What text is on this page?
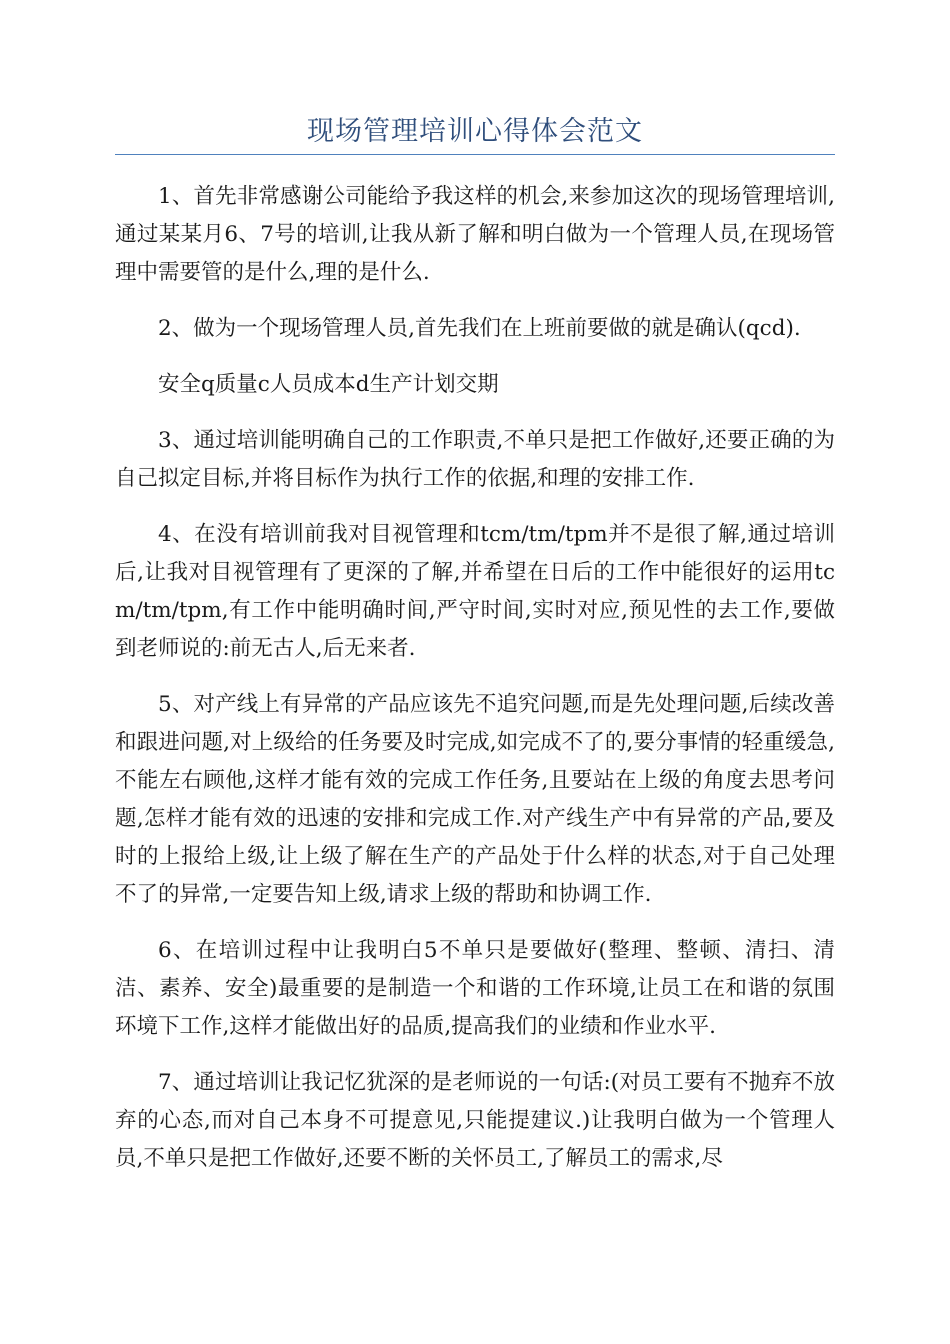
现场管理培训心得体会范文

1、首先非常感谢公司能给予我这样的机会,来参加这次的现场管理培训,通过某某月6、7号的培训,让我从新了解和明白做为一个管理人员,在现场管理中需要管的是什么,理的是什么.

2、做为一个现场管理人员,首先我们在上班前要做的就是确认(qcd).

安全q质量c人员成本d生产计划交期

3、通过培训能明确自己的工作职责,不单只是把工作做好,还要正确的为自己拟定目标,并将目标作为执行工作的依据,和理的安排工作.

4、在没有培训前我对目视管理和tcm/tm/tpm并不是很了解,通过培训后,让我对目视管理有了更深的了解,并希望在日后的工作中能很好的运用tcm/tm/tpm,有工作中能明确时间,严守时间,实时对应,预见性的去工作,要做到老师说的:前无古人,后无来者.

5、对产线上有异常的产品应该先不追究问题,而是先处理问题,后续改善和跟进问题,对上级给的任务要及时完成,如完成不了的,要分事情的轻重缓急,不能左右顾他,这样才能有效的完成工作任务,且要站在上级的角度去思考问题,怎样才能有效的迅速的安排和完成工作.对产线生产中有异常的产品,要及时的上报给上级,让上级了解在生产的产品处于什么样的状态,对于自己处理不了的异常,一定要告知上级,请求上级的帮助和协调工作.

6、在培训过程中让我明白5不单只是要做好(整理、整顿、清扫、清洁、素养、安全)最重要的是制造一个和谐的工作环境,让员工在和谐的氛围环境下工作,这样才能做出好的品质,提高我们的业绩和作业水平.

7、通过培训让我记忆犹深的是老师说的一句话:(对员工要有不抛弃不放弃的心态,而对自己本身不可提意见,只能提建议.)让我明白做为一个管理人员,不单只是把工作做好,还要不断的关怀员工,了解员工的需求,尽
